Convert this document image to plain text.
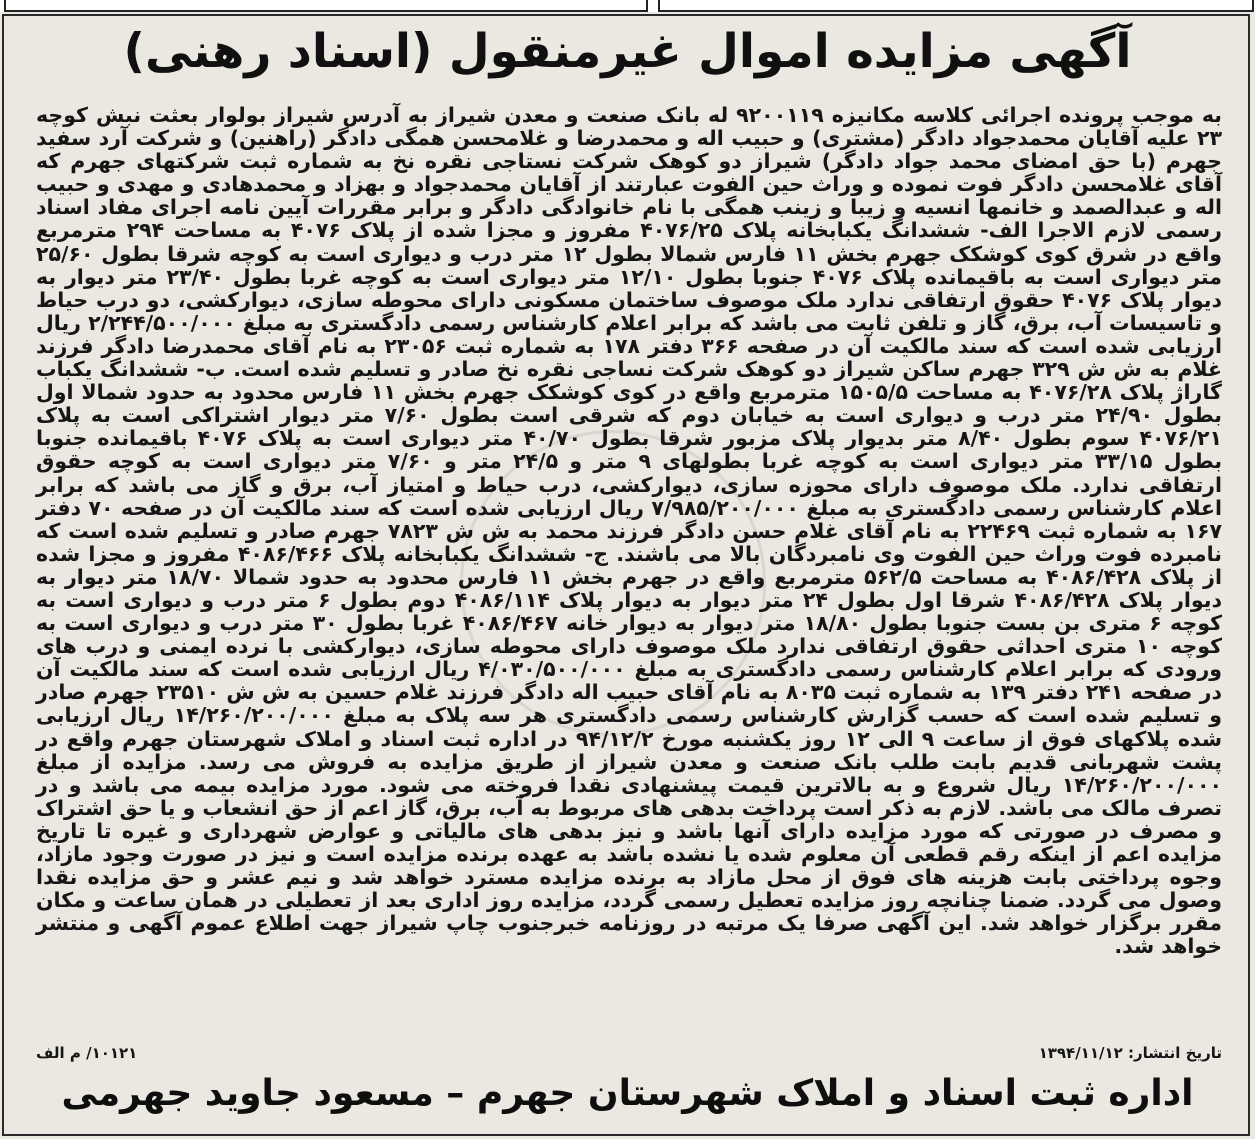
آگهی مزایده اموال غیرمنقول (اسناد رهنی)

به موجب پرونده اجرائی کلاسه مکانیزه ۹۲۰۰۱۱۹ له بانک صنعت و معدن شیراز به آدرس شیراز بولوار بعثت نبش کوچه ۲۳ علیه آقایان محمدجواد دادگر (مشتری) و حبیب اله و محمدرضا و غلامحسن همگی دادگر (راهنین) و شرکت آرد سفید جهرم (با حق امضای محمد جواد دادگر) شیراز دو کوهک شرکت نستاجی نقره نخ به شماره ثبت شرکتهای جهرم که آقای غلامحسن دادگر فوت نموده و وراث حین الفوت عبارتند از آقایان محمدجواد و بهزاد و محمدهادی و مهدی و حبیب اله و عبدالصمد و خانمها انسیه و زیبا و زینب همگی با نام خانوادگی دادگر و برابر مقررات آیین نامه اجرای مفاد اسناد رسمی لازم الاجرا الف- ششدانگ یکبابخانه پلاک ۴۰۷۶/۲۵ مفروز و مجزا شده از پلاک ۴۰۷۶ به مساحت ۲۹۴ مترمربع واقع در شرق کوی کوشکک جهرم بخش ۱۱ فارس شمالا بطول ۱۲ متر درب و دیواری است به کوچه شرقا بطول ۲۵/۶۰ متر دیواری است به باقیمانده پلاک ۴۰۷۶ جنوبا بطول ۱۲/۱۰ متر دیواری است به کوچه غربا بطول ۲۳/۴۰ متر دیوار به دیوار پلاک ۴۰۷۶ حقوق ارتفاقی ندارد ملک موصوف ساختمان مسکونی دارای محوطه سازی، دیوارکشی، دو درب حیاط و تاسیسات آب، برق، گاز و تلفن ثابت می باشد که برابر اعلام کارشناس رسمی دادگستری به مبلغ ۲/۲۴۴/۵۰۰/۰۰۰ ریال ارزیابی شده است که سند مالکیت آن در صفحه ۳۶۶ دفتر ۱۷۸ به شماره ثبت ۲۳۰۵۶ به نام آقای محمدرضا دادگر فرزند غلام به ش ش ۳۲۹ جهرم ساکن شیراز دو کوهک شرکت نساجی نقره نخ صادر و تسلیم شده است. ب- ششدانگ یکباب گاراژ پلاک ۴۰۷۶/۲۸ به مساحت ۱۵۰۵/۵ مترمربع واقع در کوی کوشکک جهرم بخش ۱۱ فارس محدود به حدود شمالا اول بطول ۲۴/۹۰ متر درب و دیواری است به خیابان دوم که شرقی است بطول ۷/۶۰ متر دیوار اشتراکی است به پلاک ۴۰۷۶/۲۱ سوم بطول ۸/۴۰ متر بدیوار پلاک مزبور شرقا بطول ۴۰/۷۰ متر دیواری است به پلاک ۴۰۷۶ باقیمانده جنوبا بطول ۳۳/۱۵ متر دیواری است به کوچه غربا بطولهای ۹ متر و ۲۴/۵ متر و ۷/۶۰ متر دیواری است به کوچه حقوق ارتفاقی ندارد. ملک موصوف دارای محوزه سازی، دیوارکشی، درب حیاط و امتیاز آب، برق و گاز می باشد که برابر اعلام کارشناس رسمی دادگستری به مبلغ ۷/۹۸۵/۲۰۰/۰۰۰ ریال ارزیابی شده است که سند مالکیت آن در صفحه ۷۰ دفتر ۱۶۷ به شماره ثبت ۲۲۴۶۹ به نام آقای غلام حسن دادگر فرزند محمد به ش ش ۷۸۲۳ جهرم صادر و تسلیم شده است که نامبرده فوت وراث حین الفوت وی نامبردگان بالا می باشند. ج- ششدانگ یکبابخانه پلاک ۴۰۸۶/۴۶۶ مفروز و مجزا شده از پلاک ۴۰۸۶/۴۲۸ به مساحت ۵۶۲/۵ مترمربع واقع در جهرم بخش ۱۱ فارس محدود به حدود شمالا ۱۸/۷۰ متر دیوار به دیوار پلاک ۴۰۸۶/۴۲۸ شرقا اول بطول ۲۴ متر دیوار به دیوار پلاک ۴۰۸۶/۱۱۴ دوم بطول ۶ متر درب و دیواری است به کوچه ۶ متری بن بست جنوبا بطول ۱۸/۸۰ متر دیوار به دیوار خانه ۴۰۸۶/۴۶۷ غربا بطول ۳۰ متر درب و دیواری است به کوچه ۱۰ متری احداثی حقوق ارتفاقی ندارد ملک موصوف دارای محوطه سازی، دیوارکشی با نرده ایمنی و درب های ورودی که برابر اعلام کارشناس رسمی دادگستری به مبلغ ۴/۰۳۰/۵۰۰/۰۰۰ ریال ارزیابی شده است که سند مالکیت آن در صفحه ۲۴۱ دفتر ۱۳۹ به شماره ثبت ۸۰۳۵ به نام آقای حبیب اله دادگر فرزند غلام حسین به ش ش ۲۳۵۱۰ جهرم صادر و تسلیم شده است که حسب گزارش کارشناس رسمی دادگستری هر سه پلاک به مبلغ ۱۴/۲۶۰/۲۰۰/۰۰۰ ریال ارزیابی شده پلاکهای فوق از ساعت ۹ الی ۱۲ روز یکشنبه مورخ ۹۴/۱۲/۲ در اداره ثبت اسناد و املاک شهرستان جهرم واقع در پشت شهربانی قدیم بابت طلب بانک صنعت و معدن شیراز از طریق مزایده به فروش می رسد. مزایده از مبلغ ۱۴/۲۶۰/۲۰۰/۰۰۰ ریال شروع و به بالاترین قیمت پیشنهادی نقدا فروخته می شود. مورد مزایده بیمه می باشد و در تصرف مالک می باشد. لازم به ذکر است پرداخت بدهی های مربوط به آب، برق، گاز اعم از حق انشعاب و یا حق اشتراک و مصرف در صورتی که مورد مزایده دارای آنها باشد و نیز بدهی های مالیاتی و عوارض شهرداری و غیره تا تاریخ مزایده اعم از اینکه رقم قطعی آن معلوم شده یا نشده باشد به عهده برنده مزایده است و نیز در صورت وجود مازاد، وجوه پرداختی بابت هزینه های فوق از محل مازاد به برنده مزایده مسترد خواهد شد و نیم عشر و حق مزایده نقدا وصول می گردد. ضمنا چنانچه روز مزایده تعطیل رسمی گردد، مزایده روز اداری بعد از تعطیلی در همان ساعت و مکان مقرر برگزار خواهد شد. این آگهی صرفا یک مرتبه در روزنامه خبرجنوب چاپ شیراز جهت اطلاع عموم آگهی و منتشر خواهد شد.

تاریخ انتشار: ۱۳۹۴/۱۱/۱۲
۱۰۱۲۱/ م الف
اداره ثبت اسناد و املاک شهرستان جهرم – مسعود جاوید جهرمی
